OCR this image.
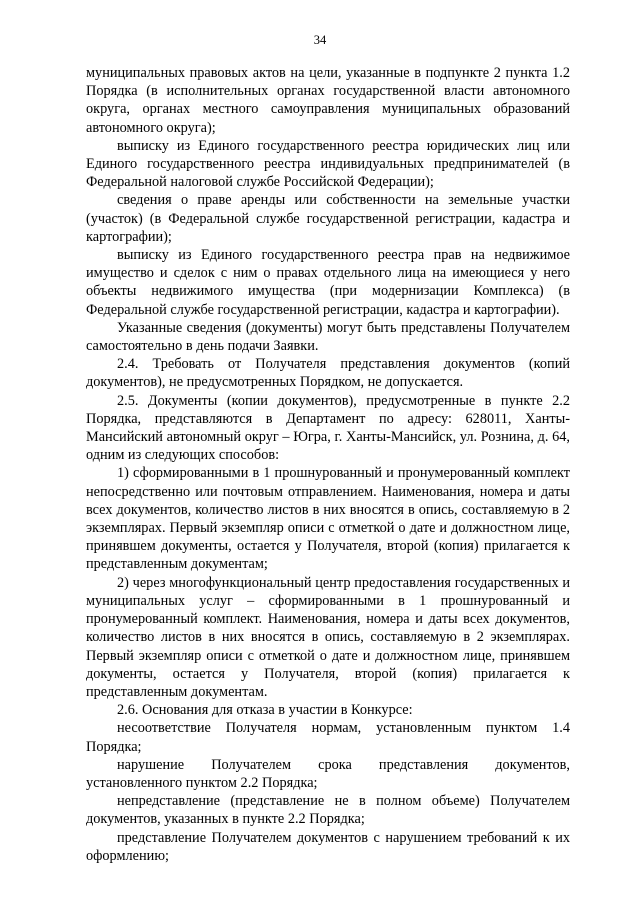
34

муниципальных правовых актов на цели, указанные в подпункте 2 пункта 1.2 Порядка (в исполнительных органах государственной власти автономного округа, органах местного самоуправления муниципальных образований автономного округа);

выписку из Единого государственного реестра юридических лиц или Единого государственного реестра индивидуальных предпринимателей (в Федеральной налоговой службе Российской Федерации);

сведения о праве аренды или собственности на земельные участки (участок) (в Федеральной службе государственной регистрации, кадастра и картографии);

выписку из Единого государственного реестра прав на недвижимое имущество и сделок с ним о правах отдельного лица на имеющиеся у него объекты недвижимого имущества (при модернизации Комплекса) (в Федеральной службе государственной регистрации, кадастра и картографии).

Указанные сведения (документы) могут быть представлены Получателем самостоятельно в день подачи Заявки.

2.4. Требовать от Получателя представления документов (копий документов), не предусмотренных Порядком, не допускается.

2.5. Документы (копии документов), предусмотренные в пункте 2.2 Порядка, представляются в Департамент по адресу: 628011, Ханты-Мансийский автономный округ – Югра, г. Ханты-Мансийск, ул. Рознина, д. 64, одним из следующих способов:

1) сформированными в 1 прошнурованный и пронумерованный комплект непосредственно или почтовым отправлением. Наименования, номера и даты всех документов, количество листов в них вносятся в опись, составляемую в 2 экземплярах. Первый экземпляр описи с отметкой о дате и должностном лице, принявшем документы, остается у Получателя, второй (копия) прилагается к представленным документам;

2) через многофункциональный центр предоставления государственных и муниципальных услуг – сформированными в 1 прошнурованный и пронумерованный комплект. Наименования, номера и даты всех документов, количество листов в них вносятся в опись, составляемую в 2 экземплярах. Первый экземпляр описи с отметкой о дате и должностном лице, принявшем документы, остается у Получателя, второй (копия) прилагается к представленным документам.

2.6. Основания для отказа в участии в Конкурсе:

несоответствие Получателя нормам, установленным пунктом 1.4 Порядка;

нарушение Получателем срока представления документов, установленного пунктом 2.2 Порядка;

непредставление (представление не в полном объеме) Получателем документов, указанных в пункте 2.2 Порядка;

представление Получателем документов с нарушением требований к их оформлению;
